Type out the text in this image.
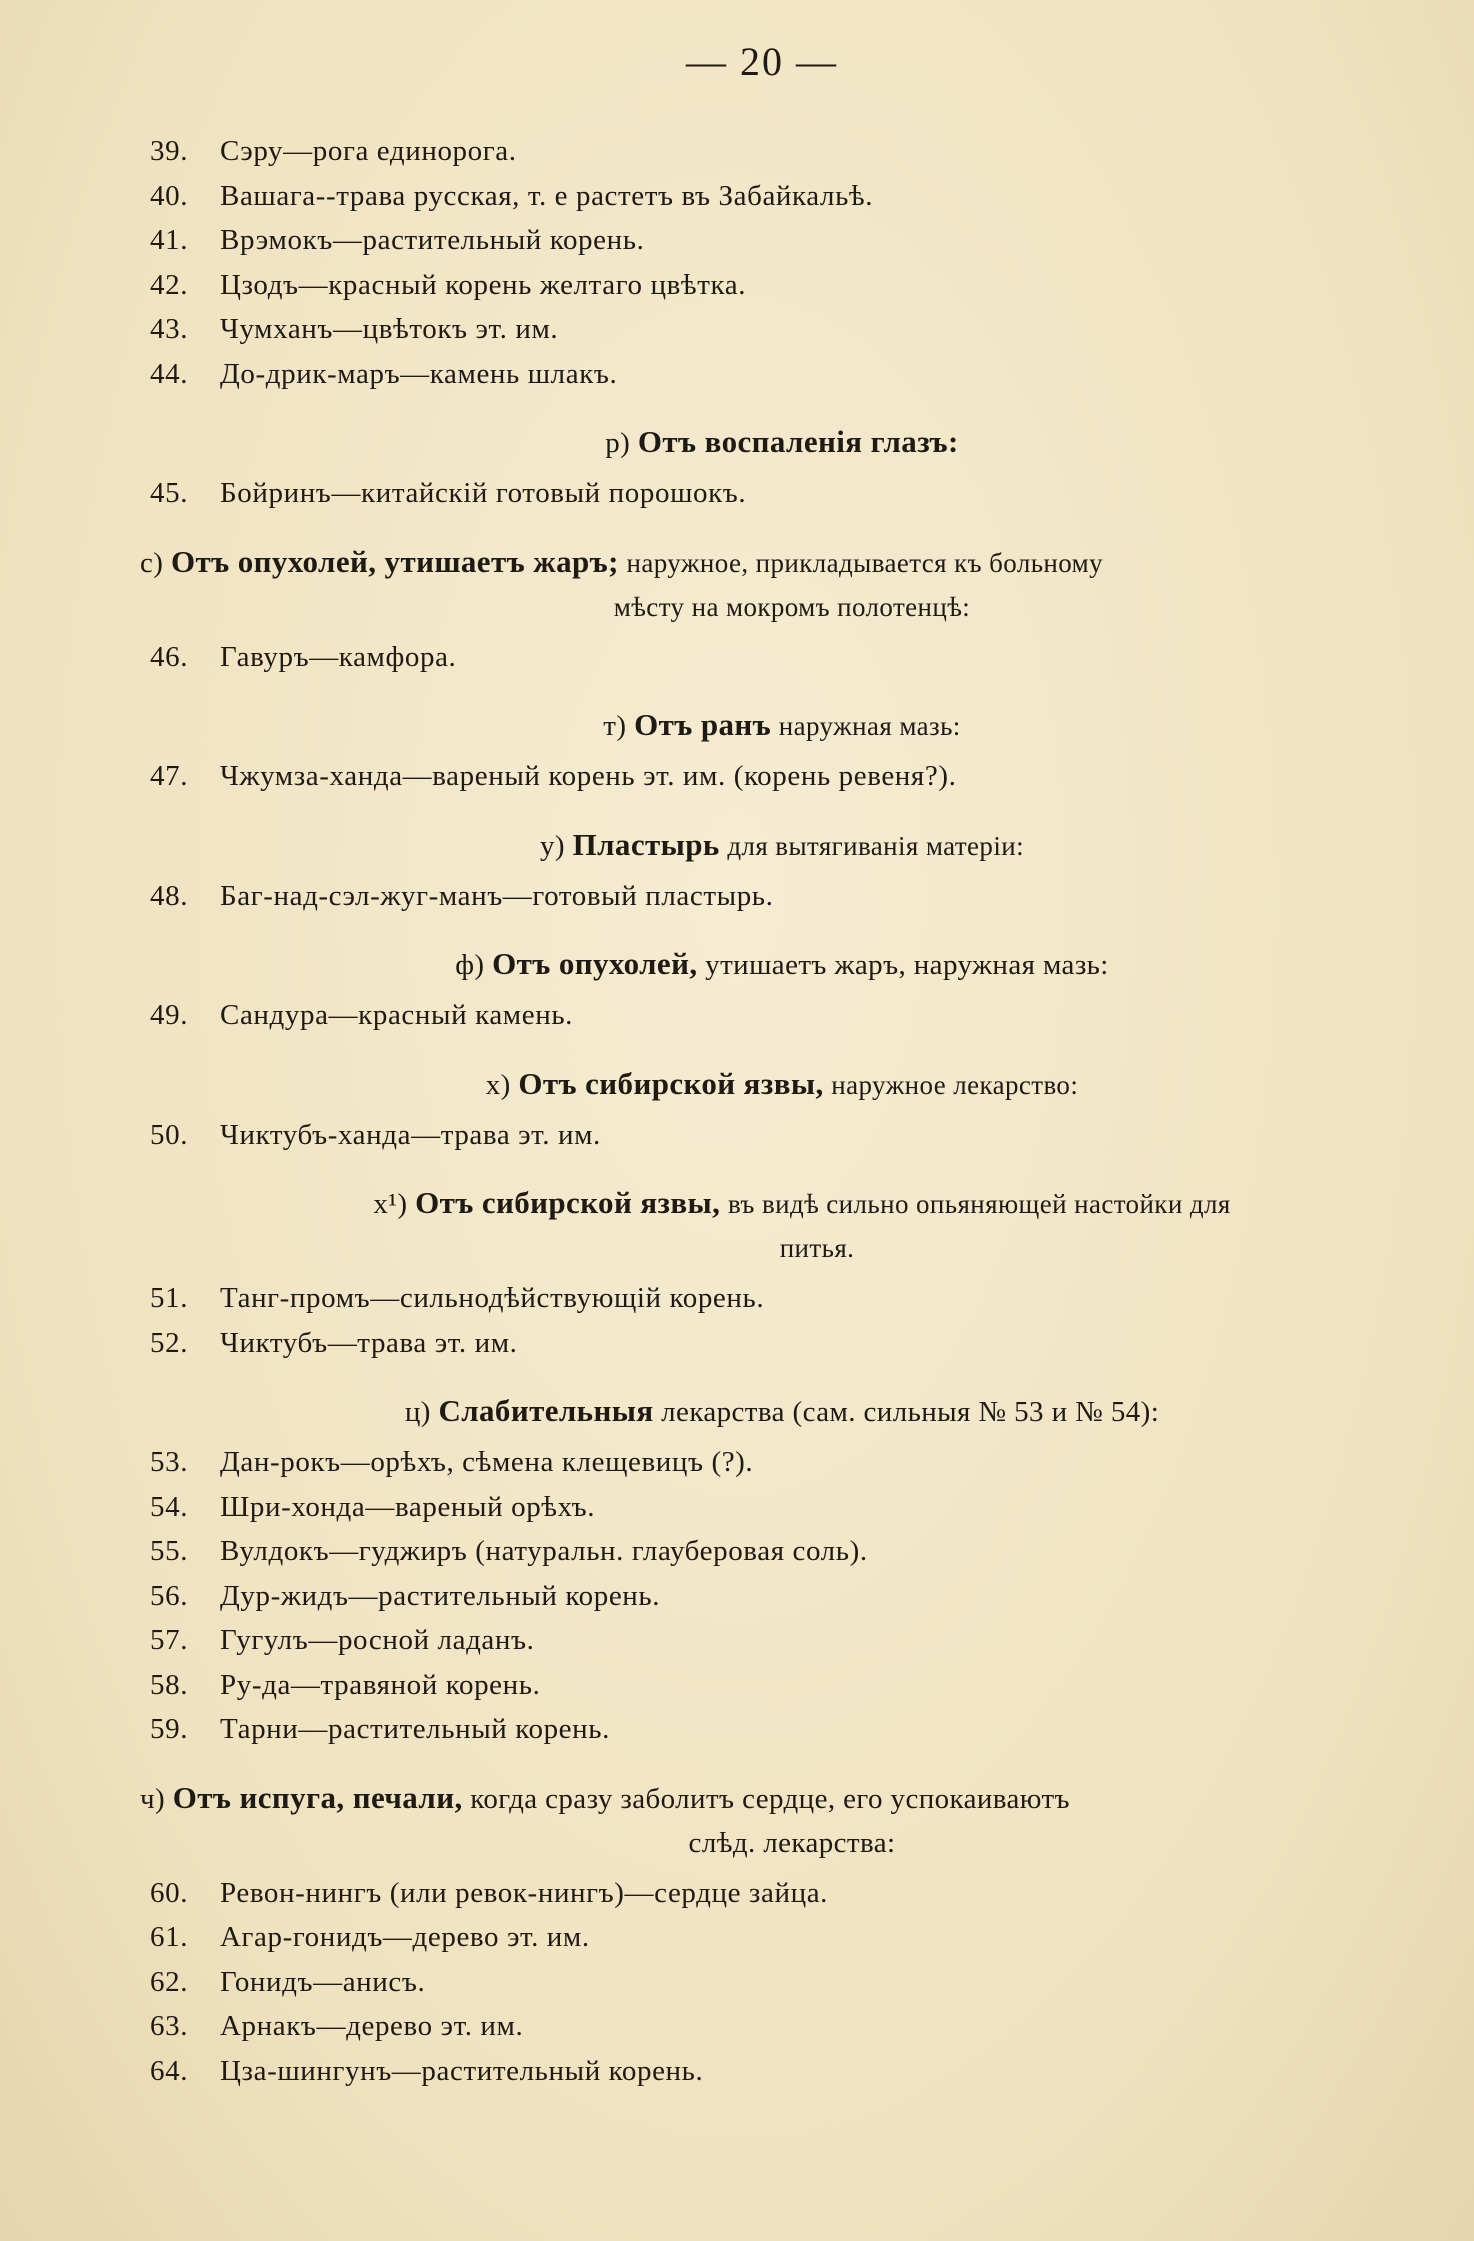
— 20 —
39. Сэру—рога единорога.
40. Вашага--трава русская, т. е растетъ въ Забайкальѣ.
41. Врэмокъ—растительный корень.
42. Цзодъ—красный корень желтаго цвѣтка.
43. Чумханъ—цвѣтокъ эт. им.
44. До-дрик-маръ—камень шлакъ.
р) Отъ воспаленія глазъ:
45. Бойринъ—китайскій готовый порошокъ.
с) Отъ опухолей, утишаетъ жаръ; наружное, прикладывается къ больному
мѣсту на мокромъ полотенцѣ:
46. Гавуръ—камфора.
т) Отъ ранъ наружная мазь:
47. Чжумза-ханда—вареный корень эт. им. (корень ревеня?).
у) Пластырь для вытягиванія матеріи:
48. Баг-над-сэл-жуг-манъ—готовый пластырь.
ф) Отъ опухолей, утишаетъ жаръ, наружная мазь:
49. Сандура—красный камень.
х) Отъ сибирской язвы, наружное лекарство:
50. Чиктубъ-ханда—трава эт. им.
х¹) Отъ сибирской язвы, въ видѣ сильно опьяняющей настойки для
питья.
51. Танг-промъ—сильнодѣйствующій корень.
52. Чиктубъ—трава эт. им.
ц) Слабительныя лекарства (сам. сильныя № 53 и № 54):
53. Дан-рокъ—орѣхъ, сѣмена клещевицъ (?).
54. Шри-хонда—вареный орѣхъ.
55. Вулдокъ—гуджиръ (натуральн. глауберовая соль).
56. Дур-жидъ—растительный корень.
57. Гугулъ—росной ладанъ.
58. Ру-да—травяной корень.
59. Тарни—растительный корень.
ч) Отъ испуга, печали, когда сразу заболитъ сердце, его успокаиваютъ
слѣд. лекарства:
60. Ревон-нингъ (или ревок-нингъ)—сердце зайца.
61. Агар-гонидъ—дерево эт. им.
62. Гонидъ—анисъ.
63. Арнакъ—дерево эт. им.
64. Цза-шингунъ—растительный корень.
